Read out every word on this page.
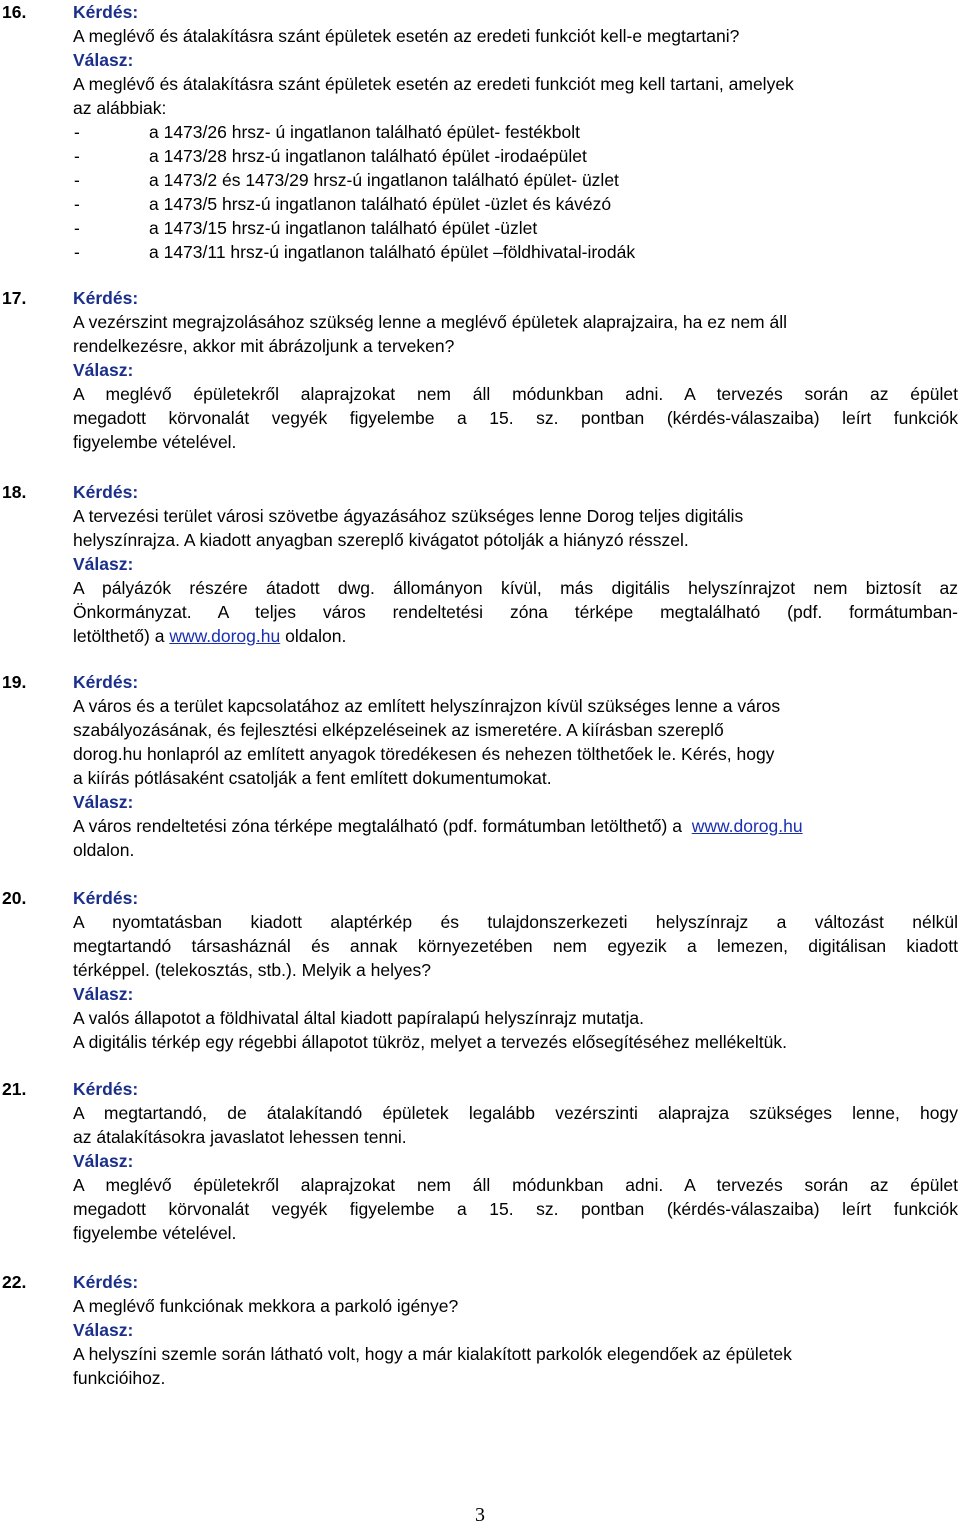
16.	Kérdés:
A meglévő és átalakításra szánt épületek esetén az eredeti funkciót kell-e megtartani?
Válasz:
A meglévő és átalakításra szánt épületek esetén az eredeti funkciót meg kell tartani, amelyek
az alábbiak:
-	a 1473/26 hrsz- ú ingatlanon található épület- festékbolt
-	a 1473/28 hrsz-ú ingatlanon található épület -irodaépület
-	a 1473/2 és 1473/29 hrsz-ú ingatlanon található épület- üzlet
-	a 1473/5 hrsz-ú ingatlanon található épület -üzlet és kávézó
-	a 1473/15 hrsz-ú ingatlanon található épület -üzlet
-	a 1473/11 hrsz-ú ingatlanon található épület –földhivatal-irodák
17.	Kérdés:
A vezérszint megrajzolásához szükség lenne a meglévő épületek alaprajzaira, ha ez nem áll
rendelkezésre, akkor mit ábrázoljunk a terveken?
Válasz:
A meglévő épületekről alaprajzokat nem áll módunkban adni. A tervezés során az épület
megadott körvonalát vegyék figyelembe a 15. sz. pontban (kérdés-válaszaiba) leírt funkciók
figyelembe vételével.
18.	Kérdés:
A tervezési terület városi szövetbe ágyazásához szükséges lenne Dorog teljes digitális
helyszínrajza. A kiadott anyagban szereplő kivágatot pótolják a hiányzó résszel.
Válasz:
A pályázók részére átadott dwg. állományon kívül, más digitális helyszínrajzot nem biztosít az
Önkormányzat. A teljes város rendeltetési zóna térképe megtalálható (pdf. formátumban-
letölthető) a www.dorog.hu oldalon.
19.	Kérdés:
A város és a terület kapcsolatához az említett helyszínrajzon kívül szükséges lenne a város
szabályozásának, és fejlesztési elképzeléseinek az ismeretére. A kiírásban szereplő
dorog.hu honlapról az említett anyagok töredékesen és nehezen tölthetőek le. Kérés, hogy
a kiírás pótlásaként csatolják a fent említett dokumentumokat.
Válasz:
A város rendeltetési zóna térképe megtalálható (pdf. formátumban letölthető) a  www.dorog.hu
oldalon.
20.	Kérdés:
A nyomtatásban kiadott alaptérkép és tulajdonszerkezeti helyszínrajz a változást nélkül
megtartandó társasháznál és annak környezetében nem egyezik a lemezen, digitálisan kiadott
térképpel. (telekosztás, stb.). Melyik a helyes?
Válasz:
A valós állapotot a földhivatal által kiadott papíralapú helyszínrajz mutatja.
A digitális térkép egy régebbi állapotot tükröz, melyet a tervezés elősegítéséhez mellékeltük.
21.	Kérdés:
A megtartandó, de átalakítandó épületek legalább vezérszinti alaprajza szükséges lenne, hogy
az átalakításokra javaslatot lehessen tenni.
Válasz:
A meglévő épületekről alaprajzokat nem áll módunkban adni. A tervezés során az épület
megadott körvonalát vegyék figyelembe a 15. sz. pontban (kérdés-válaszaiba) leírt funkciók
figyelembe vételével.
22.	Kérdés:
A meglévő funkciónak mekkora a parkoló igénye?
Válasz:
A helyszíni szemle során látható volt, hogy a már kialakított parkolók elegendőek az épületek
funkcióihoz.
3
